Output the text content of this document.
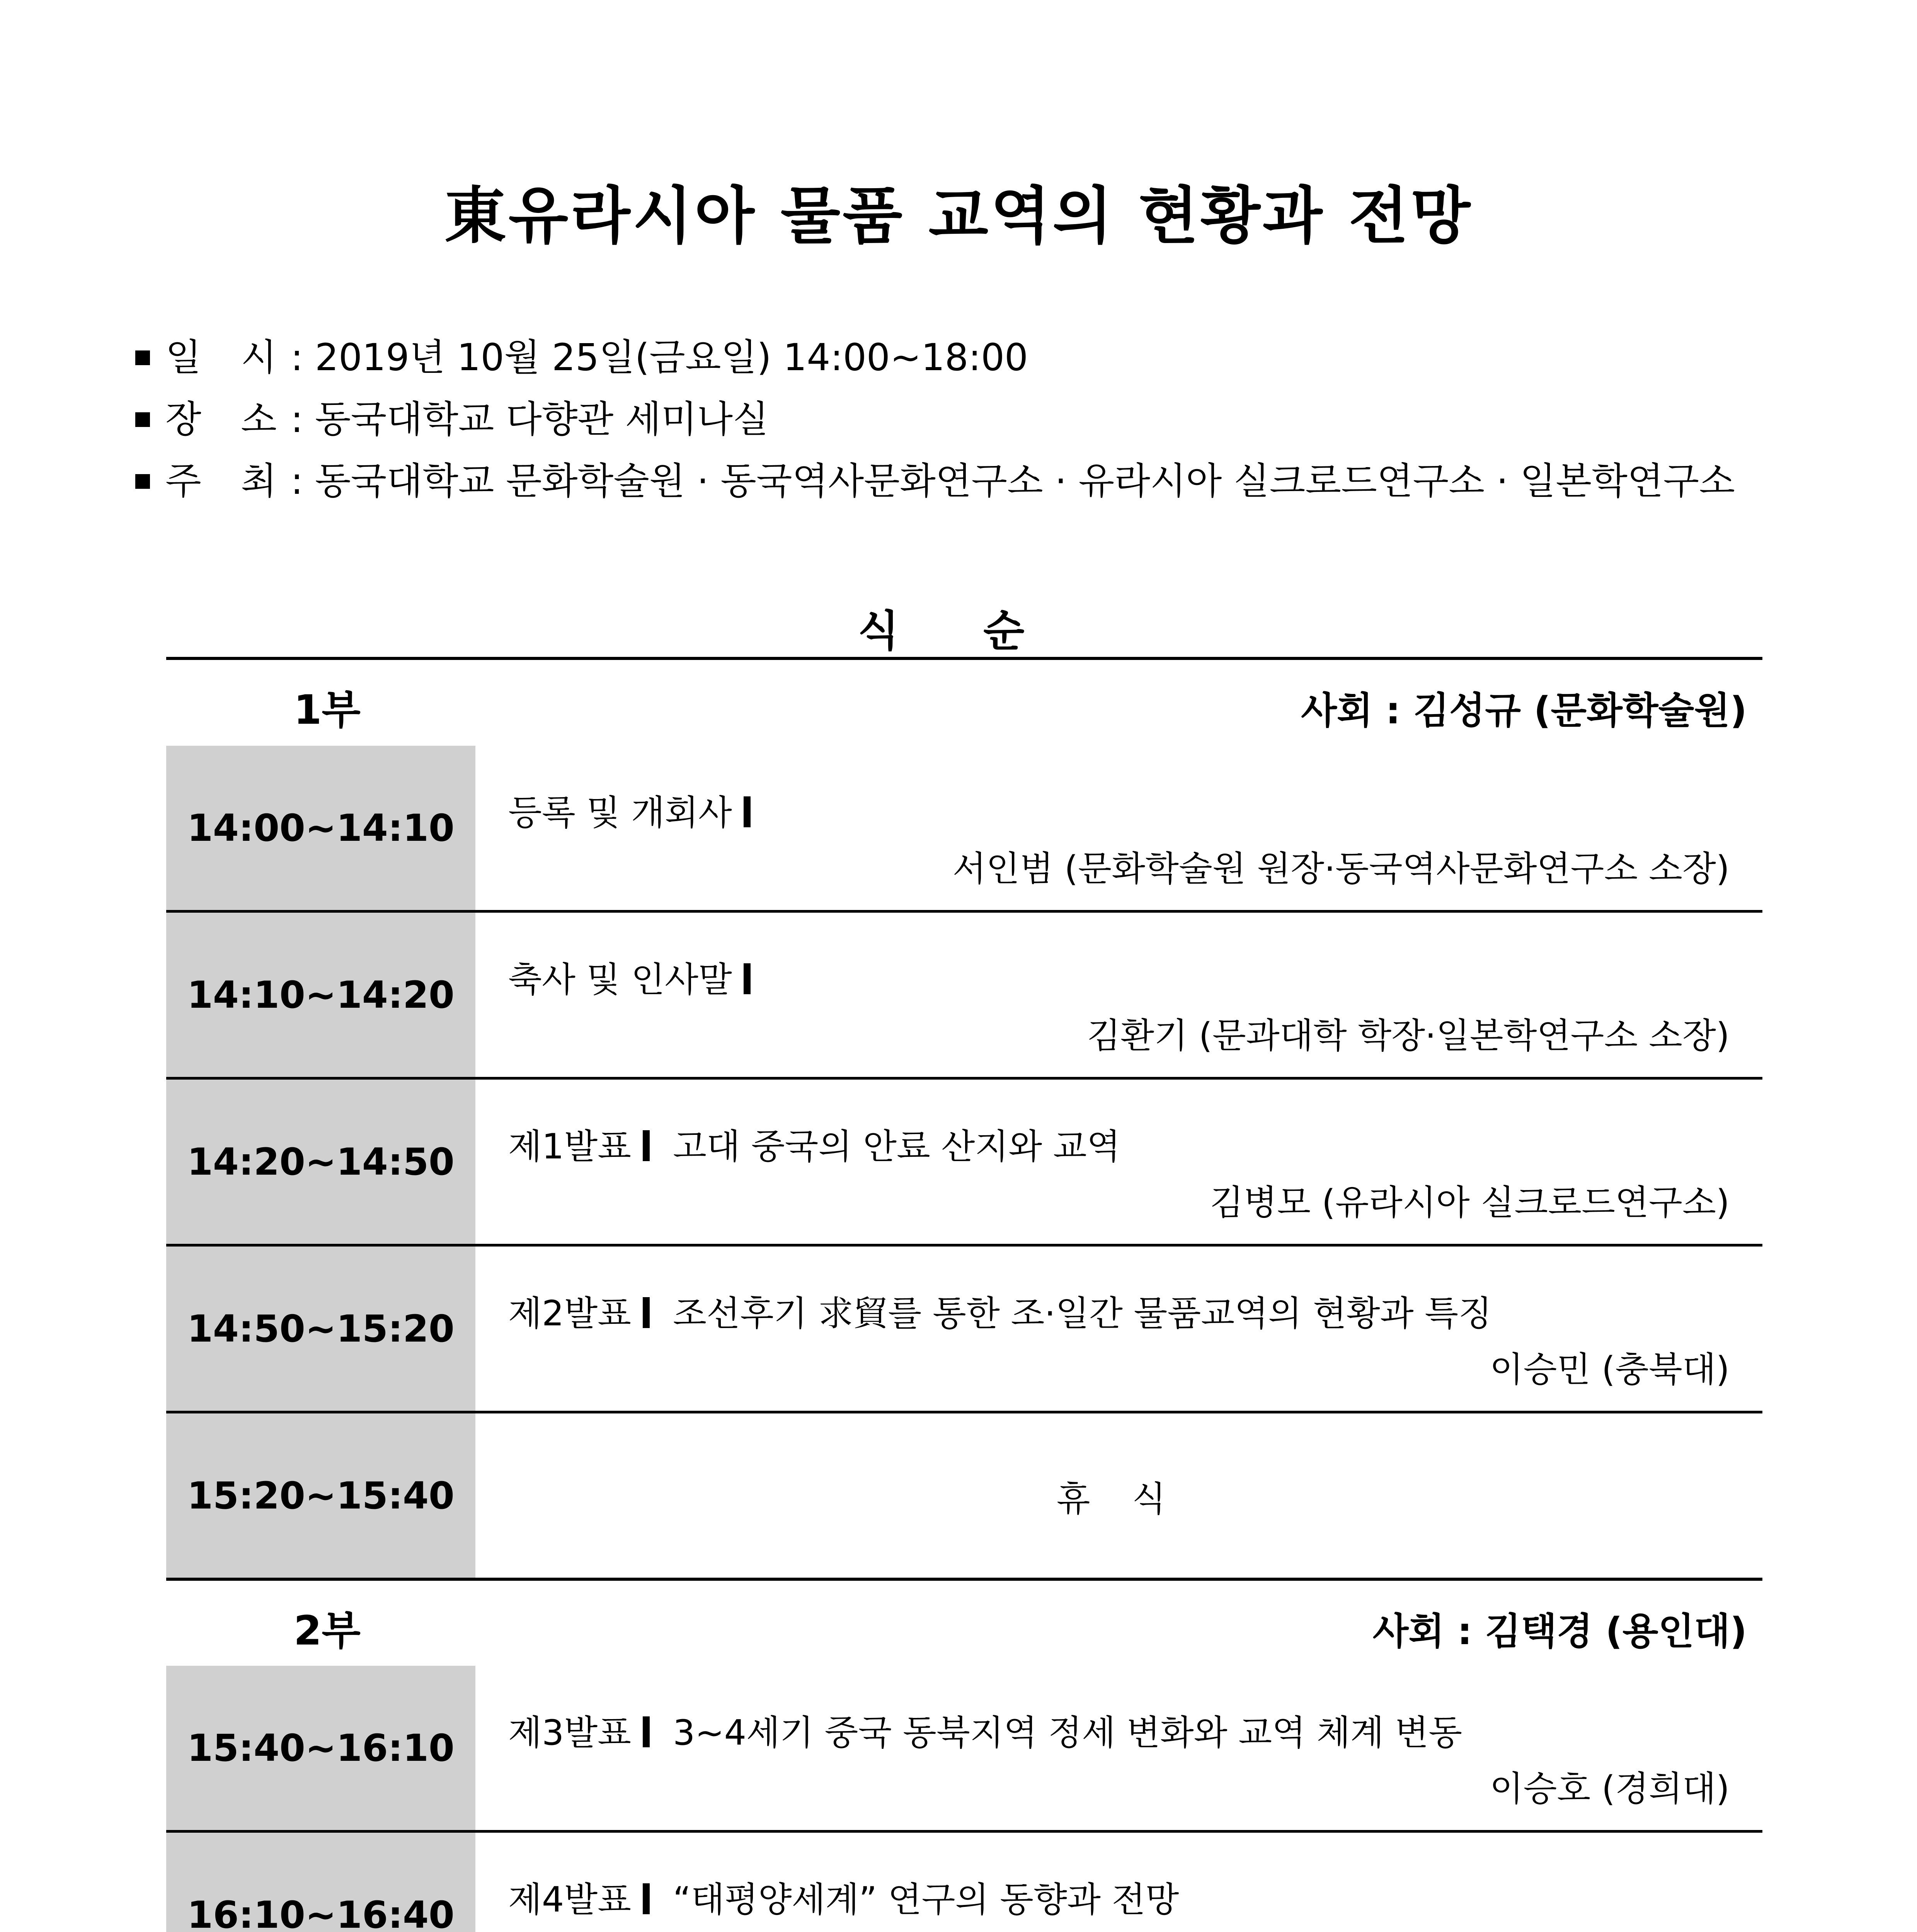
東유라시아 물품 교역의 현황과 전망
일 시: 2019년 10월 25일(금요일) 14:00~18:00
장 소: 동국대학교 다향관 세미나실
주 최: 동국대학교 문화학술원 · 동국역사문화연구소 · 유라시아 실크로드연구소 · 일본학연구소
식 순
1부	사회 : 김성규 (문화학술원)
14:00~14:10	등록 및 개회사
서인범 (문화학술원 원장·동국역사문화연구소 소장)
14:10~14:20	축사 및 인사말
김환기 (문과대학 학장·일본학연구소 소장)
14:20~14:50	제1발표 고대 중국의 안료 산지와 교역
김병모 (유라시아 실크로드연구소)
14:50~15:20	제2발표 조선후기 求貿를 통한 조·일간 물품교역의 현황과 특징
이승민 (충북대)
15:20~15:40	휴 식
2부	사회 : 김택경 (용인대)
15:40~16:10	제3발표 3~4세기 중국 동북지역 정세 변화와 교역 체계 변동
이승호 (경희대)
16:10~16:40	제4발표 “태평양세계” 연구의 동향과 전망
